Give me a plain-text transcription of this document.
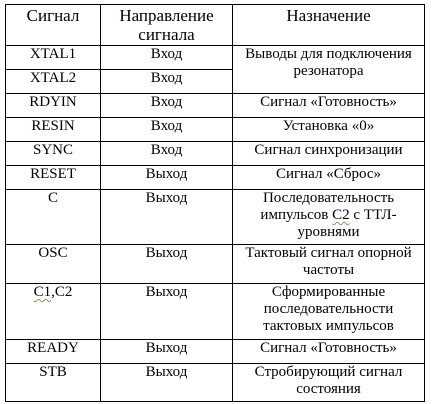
Сигнал	Направление сигнала	Назначение
XTAL1	Вход	Выводы для подключения резонатора
XTAL2	Вход	
RDYIN	Вход	Сигнал «Готовность»
RESIN	Вход	Установка «0»
SYNC	Вход	Сигнал синхронизации
RESET	Выход	Сигнал «Сброс»
C	Выход	Последовательность импульсов С2 с ТТЛ-уровнями
OSC	Выход	Тактовый сигнал опорной частоты
С1,С2	Выход	Сформированные последовательности тактовых импульсов
READY	Выход	Сигнал «Готовность»
STB	Выход	Стробирующий сигнал состояния
